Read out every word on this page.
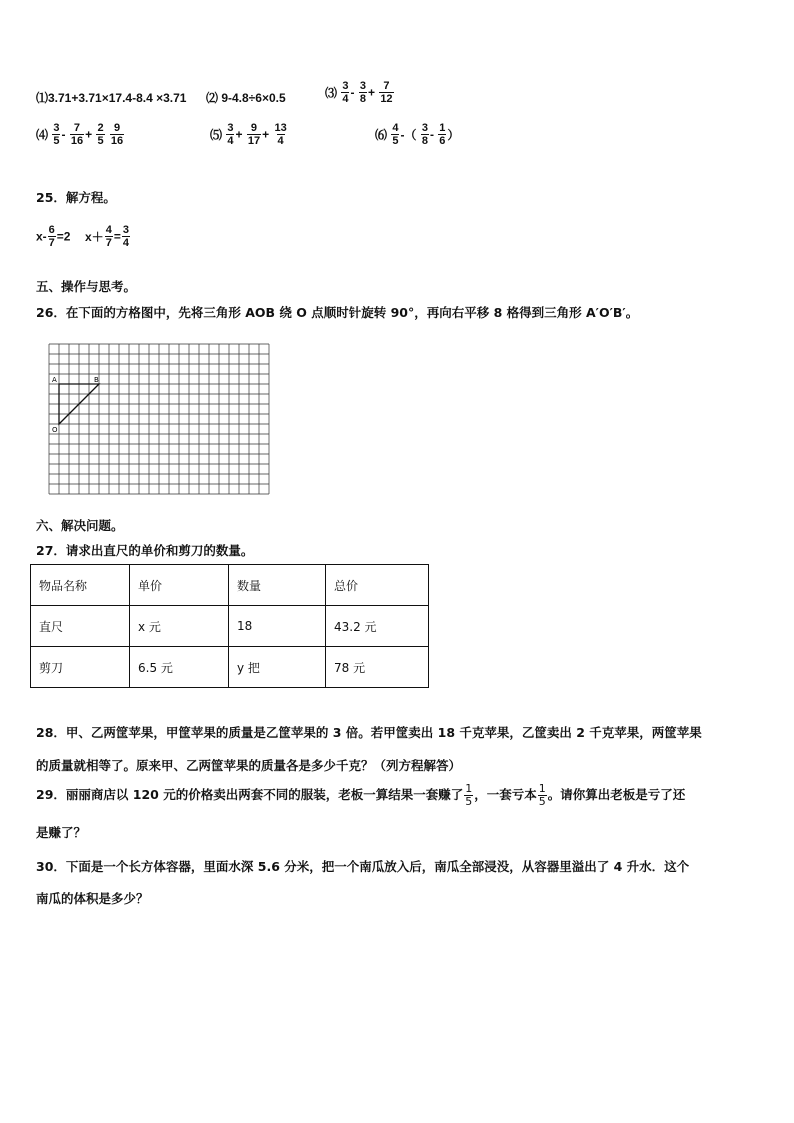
⑴3.71+3.71×17.4-8.4 ×3.71 ⑵ 9-4.8÷6×0.5	⑶ $\frac{3}{4} - \frac{3}{8} + \frac{7}{12}$
⑷ $\frac{3}{5} - \frac{7}{16} + \frac{2}{5}$
$\frac{9}{16}$	⑸ $\frac{3}{4} + \frac{9}{17} + \frac{13}{4}$	⑹ $\frac{4}{5}$ -（ $\frac{3}{8} - \frac{1}{6}$ ）
25．解方程。
$x- \frac{6}{7} =2$ $x+ \frac{4}{7} = \frac{3}{4}$
五、操作与思考。
26．在下面的方格图中，先将三角形 AOB 绕 O 点顺时针旋转 90°，再向右平移 8 格得到三角形 A′O′B′。
A	B
O
六、解决问题。
27．请求出直尺的单价和剪刀的数量。
物品名称	单价	数量	总价
直尺	x 元	18	43.2 元
剪刀	6.5 元	y 把	78 元
28．甲、乙两筐苹果，甲筐苹果的质量是乙筐苹果的 3 倍。若甲筐卖出 18 千克苹果，乙筐卖出 2 千克苹果，两筐苹果
的质量就相等了。原来甲、乙两筐苹果的质量各是多少千克？（列方程解答）
29．丽丽商店以 120 元的价格卖出两套不同的服装，老板一算结果一套赚了 $\frac{1}{5}$ ，一套亏本 $\frac{1}{5}$ 。请你算出老板是亏了还
是赚了？
30．下面是一个长方体容器，里面水深 5.6 分米，把一个南瓜放入后，南瓜全部浸没，从容器里溢出了 4 升水．这个
南瓜的体积是多少？
